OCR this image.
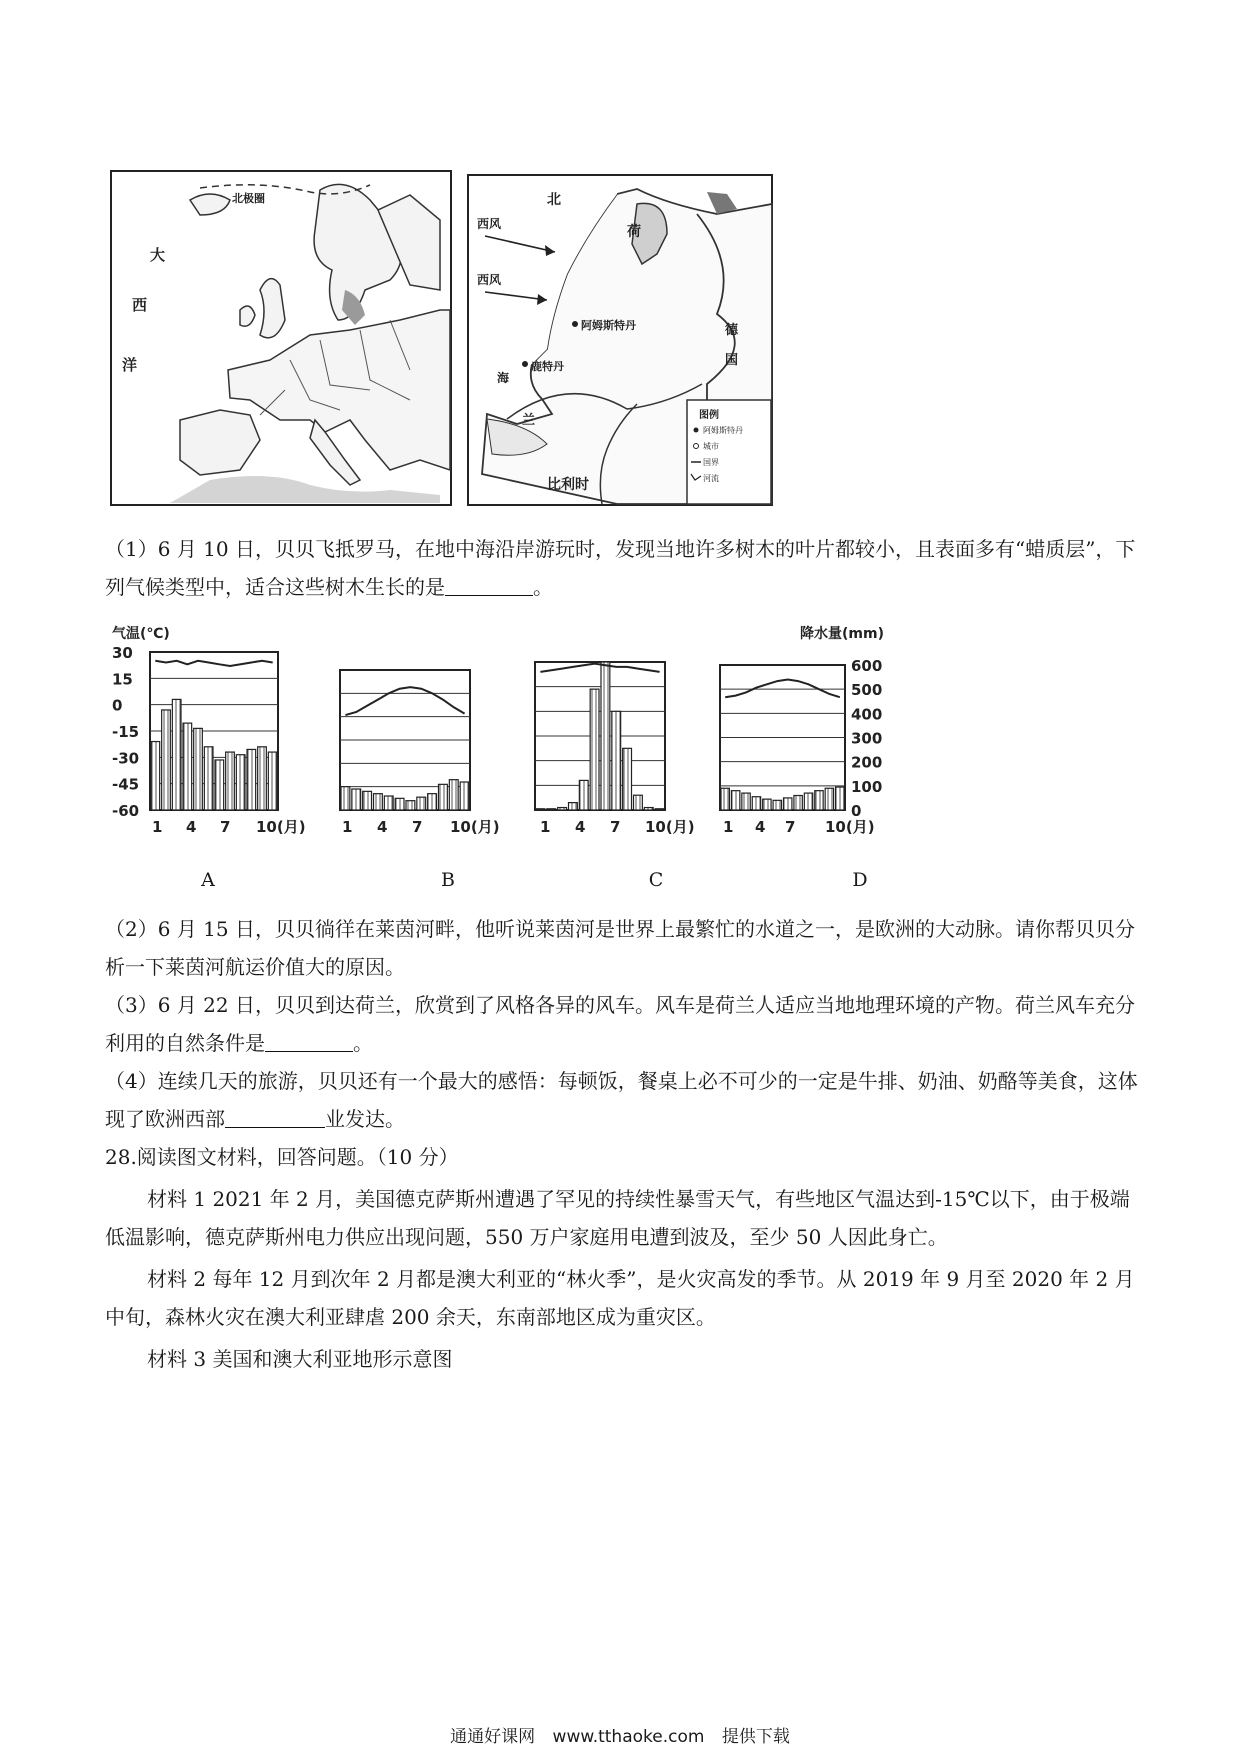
北极圈
大
西
洋
北
西风
西风
荷
阿姆斯特丹	德
国
鹿特丹
海
兰
比利时
图例
阿姆斯特丹
城市
国界
河流
（1）6 月 10 日，贝贝飞抵罗马，在地中海沿岸游玩时，发现当地许多树木的叶片都较小，且表面多有“蜡质层”，下列气候类型中，适合这些树木生长的是	。
1 4 7 10(月)
气温(℃)
30
15
0
-15
-30
-45
-60
1 4 7 10(月)	1 4 7 10(月) 1 4 7 10(月)
降水量(mm)
600
500
400
300
200
100
0
A	B	C	D
（2）6 月 15 日，贝贝徜徉在莱茵河畔，他听说莱茵河是世界上最繁忙的水道之一，是欧洲的大动脉。请你帮贝贝分析一下莱茵河航运价值大的原因。
（3）6 月 22 日，贝贝到达荷兰，欣赏到了风格各异的风车。风车是荷兰人适应当地地理环境的产物。荷兰风车充分利用的自然条件是	。
（4）连续几天的旅游，贝贝还有一个最大的感悟：每顿饭，餐桌上必不可少的一定是牛排、奶油、奶酪等美食，这体现了欧洲西部	业发达。
28.阅读图文材料，回答问题。（10 分）
材料 1 2021 年 2 月，美国德克萨斯州遭遇了罕见的持续性暴雪天气，有些地区气温达到-15℃以下，由于极端低温影响，德克萨斯州电力供应出现问题，550 万户家庭用电遭到波及，至少 50 人因此身亡。
材料 2 每年 12 月到次年 2 月都是澳大利亚的“林火季”，是火灾高发的季节。从 2019 年 9 月至 2020 年 2 月中旬，森林火灾在澳大利亚肆虐 200 余天，东南部地区成为重灾区。
材料 3 美国和澳大利亚地形示意图
通通好课网 www.tthaoke.com 提供下载
